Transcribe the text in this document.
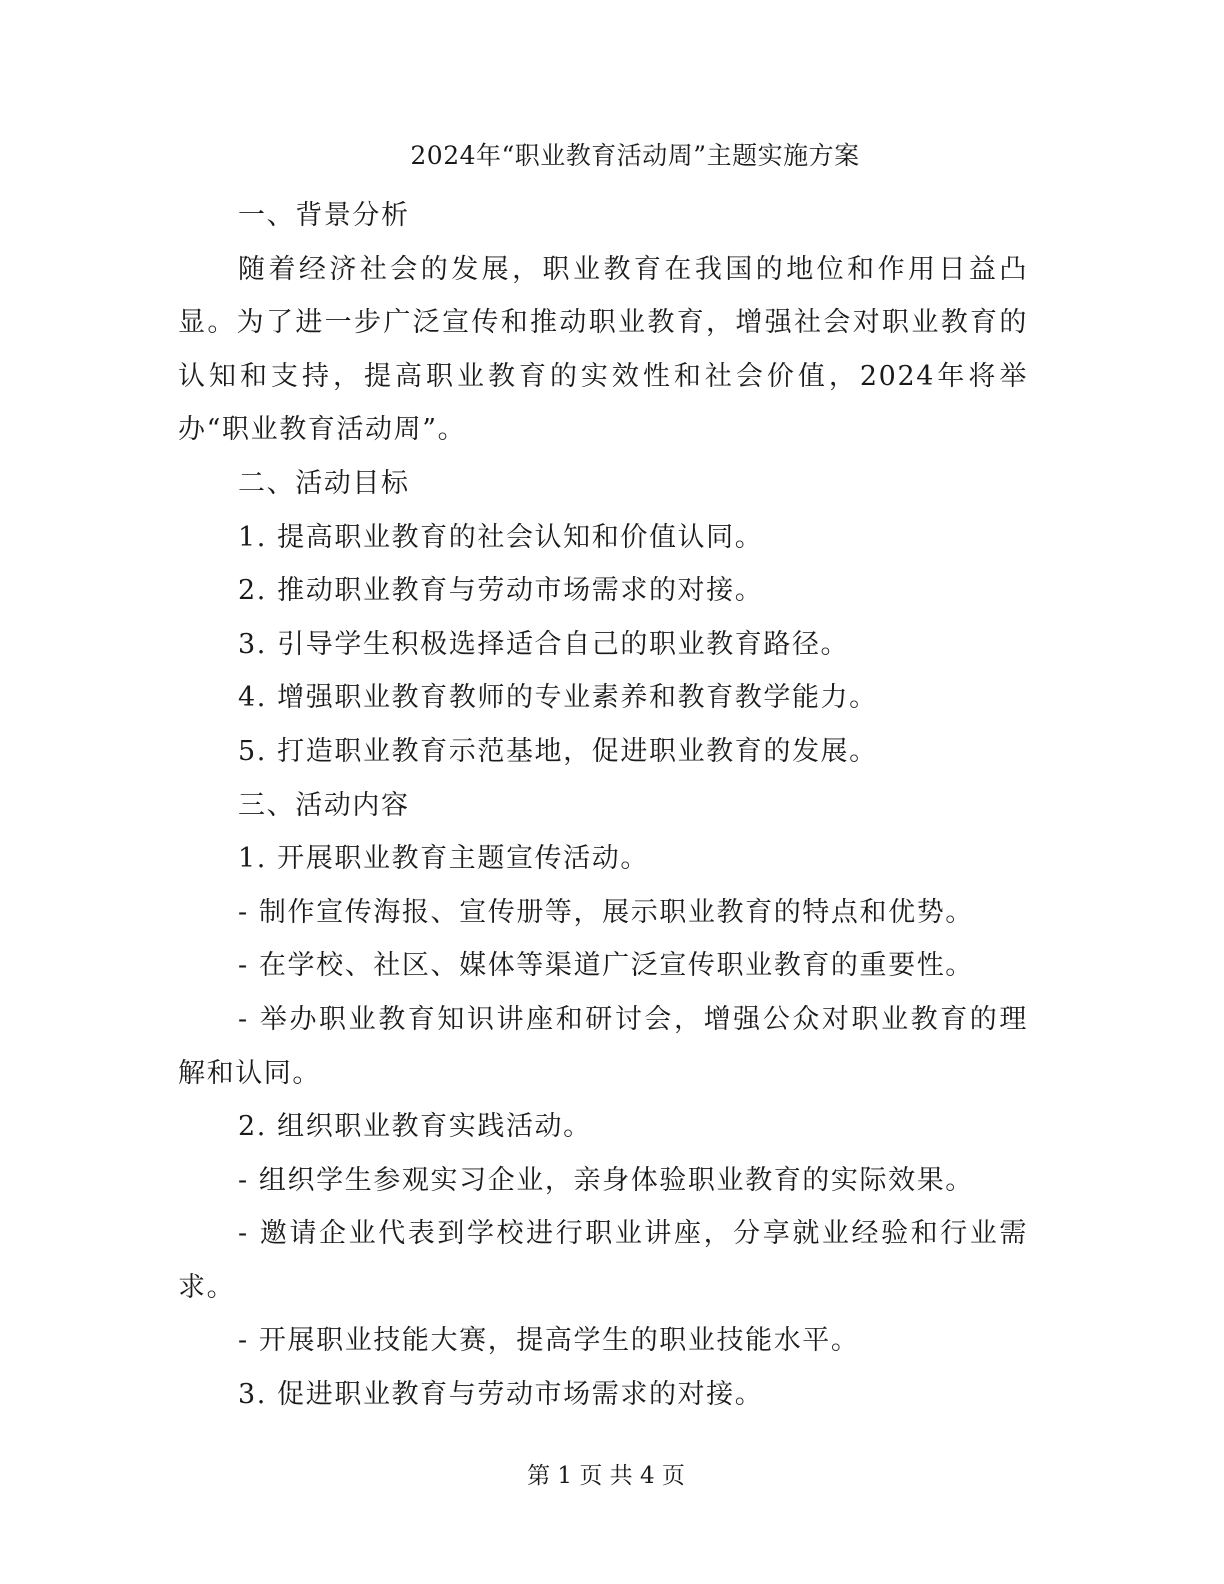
2024年“职业教育活动周”主题实施方案

一、背景分析

随着经济社会的发展，职业教育在我国的地位和作用日益凸显。为了进一步广泛宣传和推动职业教育，增强社会对职业教育的认知和支持，提高职业教育的实效性和社会价值，2024年将举办“职业教育活动周”。

二、活动目标

1. 提高职业教育的社会认知和价值认同。

2. 推动职业教育与劳动市场需求的对接。

3. 引导学生积极选择适合自己的职业教育路径。

4. 增强职业教育教师的专业素养和教育教学能力。

5. 打造职业教育示范基地，促进职业教育的发展。

三、活动内容

1. 开展职业教育主题宣传活动。

- 制作宣传海报、宣传册等，展示职业教育的特点和优势。

- 在学校、社区、媒体等渠道广泛宣传职业教育的重要性。

- 举办职业教育知识讲座和研讨会，增强公众对职业教育的理解和认同。

2. 组织职业教育实践活动。

- 组织学生参观实习企业，亲身体验职业教育的实际效果。

- 邀请企业代表到学校进行职业讲座，分享就业经验和行业需求。

- 开展职业技能大赛，提高学生的职业技能水平。

3. 促进职业教育与劳动市场需求的对接。

第 1 页 共 4 页
